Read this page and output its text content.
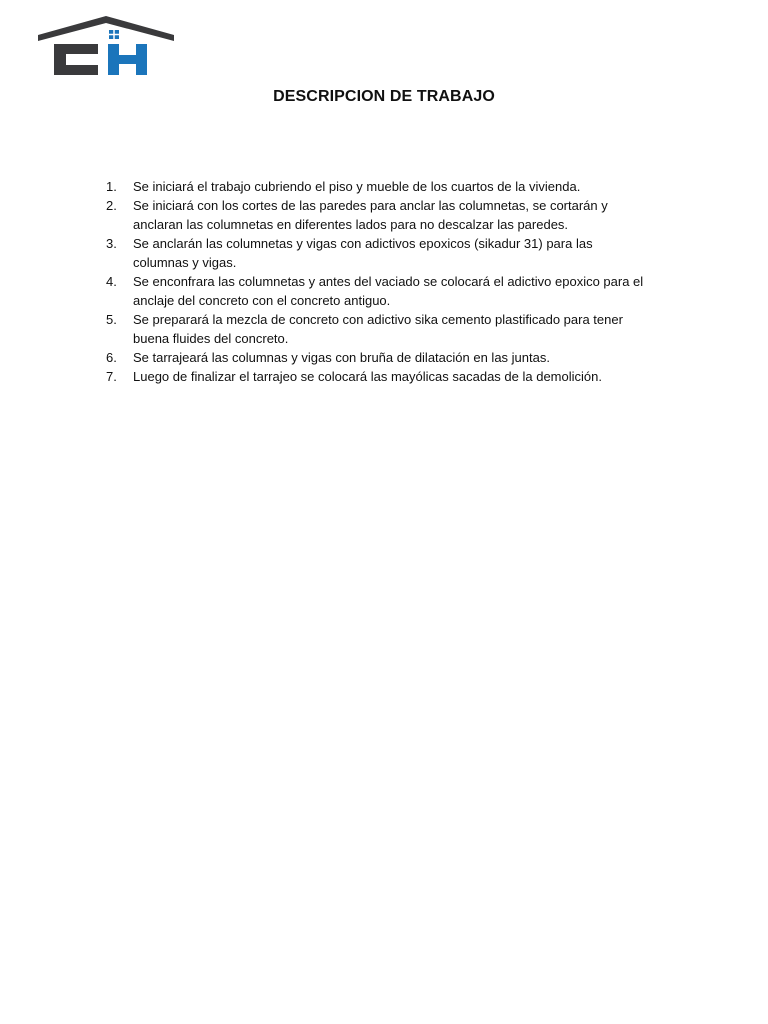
DESCRIPCION DE TRABAJO
1.	Se iniciará el trabajo cubriendo el piso y mueble de los cuartos de la vivienda.
2.	Se iniciará con los cortes de las paredes para anclar las columnetas, se cortarán y anclaran las columnetas en diferentes lados para no descalzar las paredes.
3.	Se anclarán las columnetas y vigas con adictivos epoxicos (sikadur 31) para las columnas y vigas.
4.	Se enconfrara las columnetas y antes del vaciado se colocará el adictivo epoxico para el anclaje del concreto con el concreto antiguo.
5.	Se preparará la mezcla de concreto con adictivo sika cemento plastificado para tener buena fluides del concreto.
6.	Se tarrajeará las columnas y vigas con bruña de dilatación en las juntas.
7.	Luego de finalizar el tarrajeo se colocará las mayólicas sacadas de la demolición.
